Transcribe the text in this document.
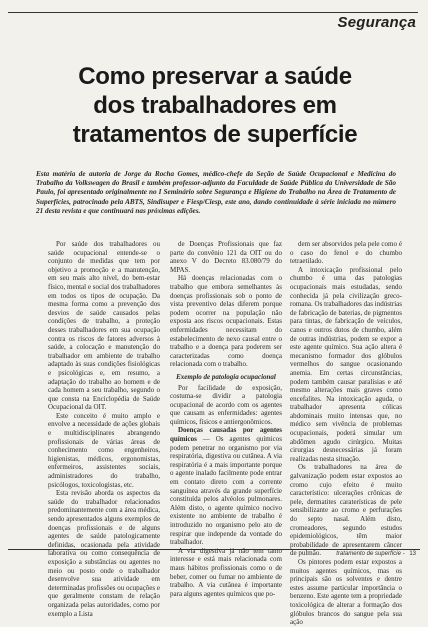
Segurança
Como preservar a saúde
dos trabalhadores em
tratamentos de superfície
Esta matéria de autoria de Jorge da Rocha Gomes, médico-chefe da Seção de Saúde Ocupacional e Medicina do Trabalho da Volkswagen do Brasil e também professor-adjunto da Faculdade de Saúde Pública da Universidade de São Paulo, foi apresentado originalmente no I Seminário sobre Segurança e Higiene do Trabalho na Área de Tratamento de Superfícies, patrocinado pela ABTS, Sindisuper e Fiesp/Ciesp, este ano, dando continuidade à série iniciada no número 21 desta revista e que continuará nas próximas edições.

Por saúde dos trabalhadores ou saúde ocupacional entende-se o conjunto de medidas que tem por objetivo a promoção e a manutenção, em seu mais alto nível, do bem-estar físico, mental e social dos trabalhadores em todos os tipos de ocupação. Da mesma forma como a prevenção dos desvios de saúde causados pelas condições de trabalho, a proteção desses trabalhadores em sua ocupação contra os riscos de fatores adversos à saúde, a colocação e manutenção do trabalhador em ambiente de trabalho adaptado às suas condições fisiológicas e psicológicas e, em resumo, a adaptação do trabalho ao homem e de cada homem a seu trabalho, segundo o que consta na Enciclopédia de Saúde Ocupacional da OIT.

Este conceito é muito amplo e envolve a necessidade de ações globais e multidisciplinares abrangendo profissionais de várias áreas de conhecimento como engenheiros, higienistas, médicos, ergonomistas, enfermeiros, assistentes sociais, administradores do trabalho, psicólogos, toxicologistas, etc.

Esta revisão aborda os aspectos da saúde do trabalhador relacionados predominantemente com a área médica, sendo apresentados alguns exemplos de doenças profissionais e de alguns agentes de saúde patologicamente definidas, ocasionada pela atividade laborativa ou como consequência de exposição a substâncias ou agentes no meio ou posto onde o trabalhador desenvolve sua atividade em determinadas profissões ou ocupações e que geralmente constam de relação organizada pelas autoridades, como por exemplo a Lista

de Doenças Profissionais que faz parte do convênio 121 da OIT ou do anexo V do Decreto 83.080/79 do MPAS.

Há doenças relacionadas com o trabalho que embora semelhantes às doenças profissionais sob o ponto de vista preventivo delas diferem porque podem ocorrer na população não exposta aos riscos ocupacionais. Estas enfermidades necessitam do estabelecimento de nexo causal entre o trabalho e a doença para poderem ser caracterizadas como doença relacionada com o trabalho.

Exemplo de patologia ocupacional

Por facilidade de exposição, costuma-se dividir a patologia ocupacional de acordo com os agentes que causam as enfermidades: agentes químicos, físicos e antiergonômicos.

Doenças causadas por agentes químicos — Os agentes químicos podem penetrar no organismo por via respiratória, digestiva ou cutânea. A via respiratória é a mais importante porque o agente inalado facilmente pode entrar em contato direto com a corrente sanguínea através da grande superfície constituída pelos alvéolos pulmonares. Além disto, o agente químico nocivo existente no ambiente de trabalho é introduzido no organismo pelo ato de respirar que independe da vontade do trabalhador.

A via digestiva já não tem tanto interesse e está mais relacionada com maus hábitos profissionais como o de beber, comer ou fumar no ambiente de trabalho. A via cutânea é importante para alguns agentes químicos que po-

dem ser absorvidos pela pele como é o caso do fenol e do chumbo tetraetilado.

A intoxicação profissional pelo chumbo é uma das patologias ocupacionais mais estudadas, sendo conhecida já pela civilização greco-romana. Os trabalhadores das indústrias de fabricação de baterias, de pigmentos para tintas, de fabricação de veículos, canos e outros dutos de chumbo, além de outras indústrias, podem se expor a este agente químico. Sua ação altera é mecanismo formador dos glóbulos vermelhos do sangue ocasionando anemia. Em certas circunstâncias, podem também causar paralisias e até mesmo alterações mais graves como encefalites. Na intoxicação aguda, o trabalhador apresenta cólicas abdominais muito intensas que, no médico sem vivência de problemas ocupacionais, poderá simular um abdômen agudo cirúrgico. Muitas cirurgias desnecessárias já foram realizadas nesta situação.

Os trabalhadores na área de galvanização podem estar expostos ao cromo cujo efeito é muito característico: ulcerações crônicas de pele, dermatites caraterísticas de pele sensibilizante ao cromo e perfurações do septo nasal. Além disto, cromeadores, segundo estudos epidemiológicos, têm maior probabilidade de apresentarem câncer de pulmão.

Os pintores podem estar expostos a muitos agentes químicos, mas os principais são os solventes e dentre estes assume particular importância o benzeno. Este agente tem a propriedade toxicológica de alterar a formação dos glóbulos brancos do sangue pela sua ação

tratamento de superfície - 13
